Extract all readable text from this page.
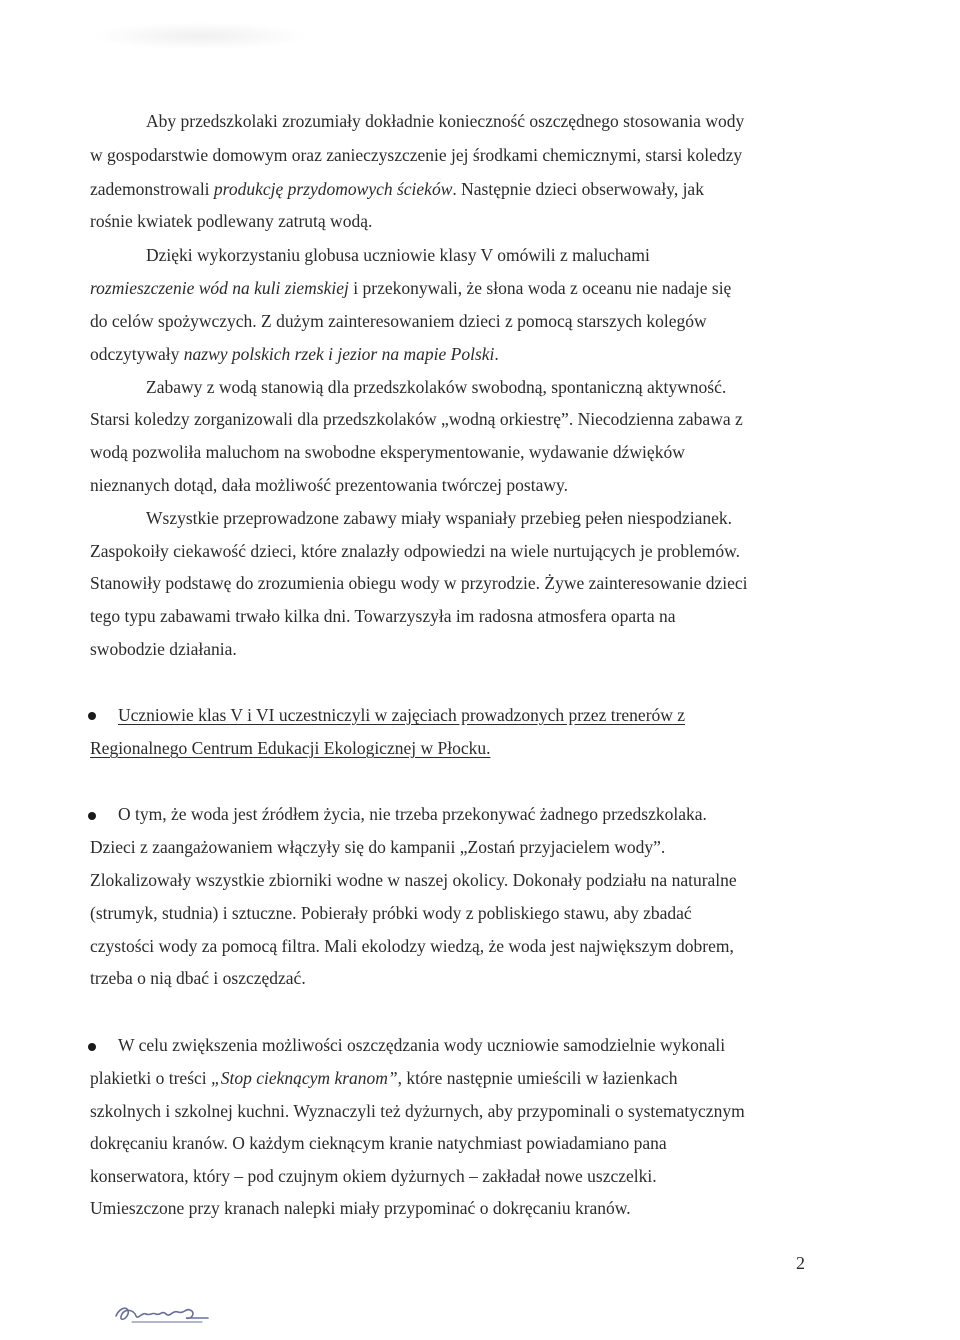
Aby przedszkolaki zrozumiały dokładnie konieczność oszczędnego stosowania wody
w gospodarstwie domowym oraz zanieczyszczenie jej środkami chemicznymi, starsi koledzy
zademonstrowali produkcję przydomowych ścieków. Następnie dzieci obserwowały, jak
rośnie kwiatek podlewany zatrutą wodą.
Dzięki wykorzystaniu globusa uczniowie klasy V omówili z maluchami
rozmieszczenie wód na kuli ziemskiej i przekonywali, że słona woda z oceanu nie nadaje się
do celów spożywczych. Z dużym zainteresowaniem dzieci z pomocą starszych kolegów
odczytywały nazwy polskich rzek i jezior na mapie Polski.
Zabawy z wodą stanowią dla przedszkolaków swobodną, spontaniczną aktywność.
Starsi koledzy zorganizowali dla przedszkolaków „wodną orkiestrę”. Niecodzienna zabawa z
wodą pozwoliła maluchom na swobodne eksperymentowanie, wydawanie dźwięków
nieznanych dotąd, dała możliwość prezentowania twórczej postawy.
Wszystkie przeprowadzone zabawy miały wspaniały przebieg pełen niespodzianek.
Zaspokoiły ciekawość dzieci, które znalazły odpowiedzi na wiele nurtujących je problemów.
Stanowiły podstawę do zrozumienia obiegu wody w przyrodzie. Żywe zainteresowanie dzieci
tego typu zabawami trwało kilka dni. Towarzyszyła im radosna atmosfera oparta na
swobodzie działania.
Uczniowie klas V i VI uczestniczyli w zajęciach prowadzonych przez trenerów z
Regionalnego Centrum Edukacji Ekologicznej w Płocku.
O tym, że woda jest źródłem życia, nie trzeba przekonywać żadnego przedszkolaka.
Dzieci z zaangażowaniem włączyły się do kampanii „Zostań przyjacielem wody”.
Zlokalizowały wszystkie zbiorniki wodne w naszej okolicy. Dokonały podziału na naturalne
(strumyk, studnia) i sztuczne. Pobierały próbki wody z pobliskiego stawu, aby zbadać
czystości wody za pomocą filtra. Mali ekolodzy wiedzą, że woda jest największym dobrem,
trzeba o nią dbać i oszczędzać.
W celu zwiększenia możliwości oszczędzania wody uczniowie samodzielnie wykonali
plakietki o treści „Stop cieknącym kranom”, które następnie umieścili w łazienkach
szkolnych i szkolnej kuchni. Wyznaczyli też dyżurnych, aby przypominali o systematycznym
dokręcaniu kranów. O każdym cieknącym kranie natychmiast powiadamiano pana
konserwatora, który – pod czujnym okiem dyżurnych – zakładał nowe uszczelki.
Umieszczone przy kranach nalepki miały przypominać o dokręcaniu kranów.
2
